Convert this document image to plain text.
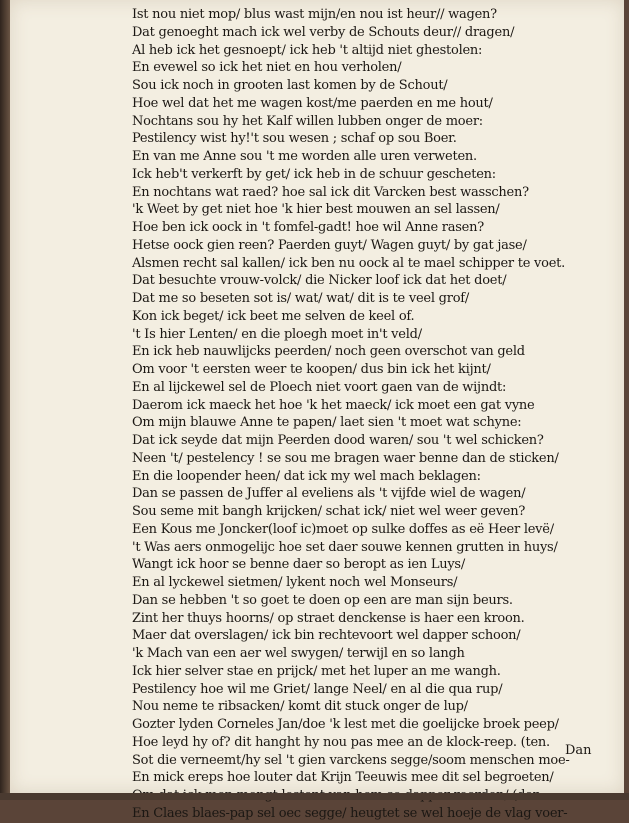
Ist nou niet mop/ blus wast mijn/en nou ist heur// wagen?
Dat genoeght mach ick wel verby de Schouts deur// dragen/
Al heb ick het gesnoept/ ick heb 't altijd niet ghestolen:
En evewel so ick het niet en hou verholen/
Sou ick noch in grooten last komen by de Schout/
Hoe wel dat het me wagen kost/me paerden en me hout/
Nochtans sou hy het Kalf willen lubben onger de moer:
Pestilency wist hy!'t sou wesen ; schaf op sou Boer.
En van me Anne sou 't me worden alle uren verweten.
Ick heb't verkerft by get/ ick heb in de schuur gescheten:
En nochtans wat raed? hoe sal ick dit Varcken best wasschen?
'k Weet by get niet hoe 'k hier best mouwen an sel lassen/
Hoe ben ick oock in 't fomfel-gadt! hoe wil Anne rasen?
Hetse oock gien reen? Paerden guyt/ Wagen guyt/ by gat jase/
Alsmen recht sal kallen/ ick ben nu oock al te mael schipper te voet.
Dat besuchte vrouw-volck/ die Nicker loof ick dat het doet/
Dat me so beseten sot is/ wat/ wat/ dit is te veel grof/
Kon ick beget/ ick beet me selven de keel of.
't Is hier Lenten/ en die ploegh moet in't veld/
En ick heb nauwlijcks peerden/ noch geen overschot van geld
Om voor 't eersten weer te koopen/ dus bin ick het kijnt/
En al lijckewel sel de Ploech niet voort gaen van de wijndt:
Daerom ick maeck het hoe 'k het maeck/ ick moet een gat vyne
Om mijn blauwe Anne te papen/ laet sien 't moet wat schyne:
Dat ick seyde dat mijn Peerden dood waren/ sou 't wel schicken?
Neen 't/ pestelency ! se sou me bragen waer benne dan de sticken/
En die loopender heen/ dat ick my wel mach beklagen:
Dan se passen de Juffer al eveliens als 't vijfde wiel de wagen/
Sou seme mit bangh krijcken/ schat ick/ niet wel weer geven?
Een Kous me Joncker(loof ic)moet op sulke doffes as eë Heer levë/
't Was aers onmogelijc hoe set daer souwe kennen grutten in huys/
Wangt ick hoor se benne daer so beropt as ien Luys/
En al lyckewel sietmen/ lykent noch wel Monseurs/
Dan se hebben 't so goet te doen op een are man sijn beurs.
Zint her thuys hoorns/ op straet denckense is haer een kroon.
Maer dat overslagen/ ick bin rechtevoort wel dapper schoon/
'k Mach van een aer wel swygen/ terwijl en so langh
Ick hier selver stae en prijck/ met het luper an me wangh.
Pestilency hoe wil me Griet/ lange Neel/ en al die qua rup/
Nou neme te ribsacken/ komt dit stuck onger de lup/
Gozter lyden Corneles Jan/doe 'k lest met die goelijcke broek peep/
Hoe leyd hy of? dit hanght hy nou pas mee an de klock-reep. (ten.
Sot die verneemt/hy sel 't gien varckens segge/soom menschen moe-
En mick ereps hoe louter dat Krijn Teeuwis mee dit sel begroeten/
En Claes blaes-pap sel oec segge/ heugtet se wel hoeje de vlag voer-
Dan
